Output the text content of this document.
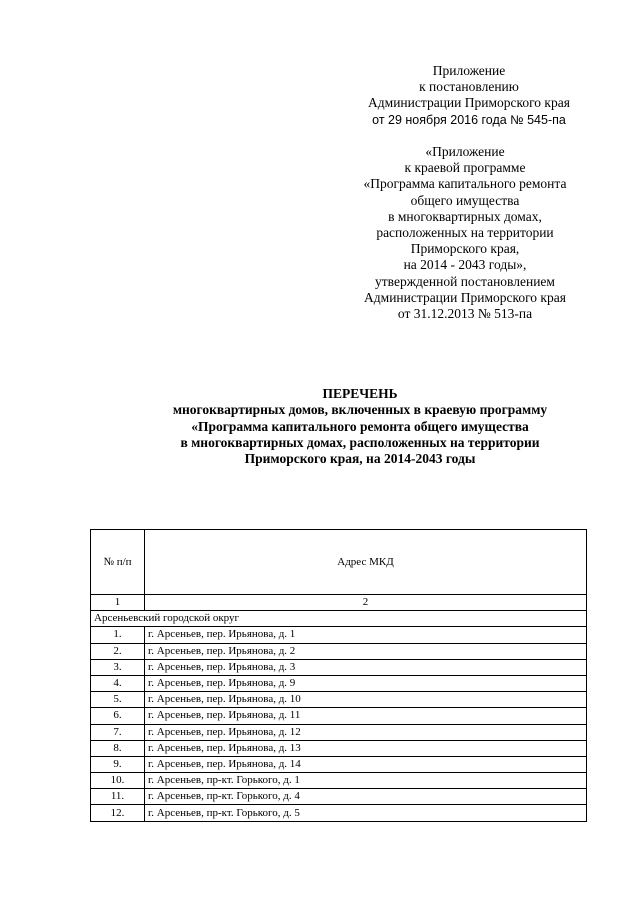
Приложение
к постановлению
Администрации Приморского края
от 29 ноября 2016 года № 545-па
«Приложение
к краевой программе
«Программа капитального ремонта
общего имущества
в многоквартирных домах,
расположенных на территории
Приморского края,
на 2014 - 2043 годы»,
утвержденной постановлением
Администрации Приморского края
от 31.12.2013 № 513-па
ПЕРЕЧЕНЬ
многоквартирных домов, включенных в краевую программу
«Программа капитального ремонта общего имущества
в многоквартирных домах, расположенных на территории
Приморского края, на 2014-2043 годы
№ п/п	Адрес МКД
1	2
Арсеньевский городской округ	
1.	г. Арсеньев, пер. Ирьянова, д. 1
2.	г. Арсеньев, пер. Ирьянова, д. 2
3.	г. Арсеньев, пер. Ирьянова, д. 3
4.	г. Арсеньев, пер. Ирьянова, д. 9
5.	г. Арсеньев, пер. Ирьянова, д. 10
6.	г. Арсеньев, пер. Ирьянова, д. 11
7.	г. Арсеньев, пер. Ирьянова, д. 12
8.	г. Арсеньев, пер. Ирьянова, д. 13
9.	г. Арсеньев, пер. Ирьянова, д. 14
10.	г. Арсеньев, пр-кт. Горького, д. 1
11.	г. Арсеньев, пр-кт. Горького, д. 4
12.	г. Арсеньев, пр-кт. Горького, д. 5
